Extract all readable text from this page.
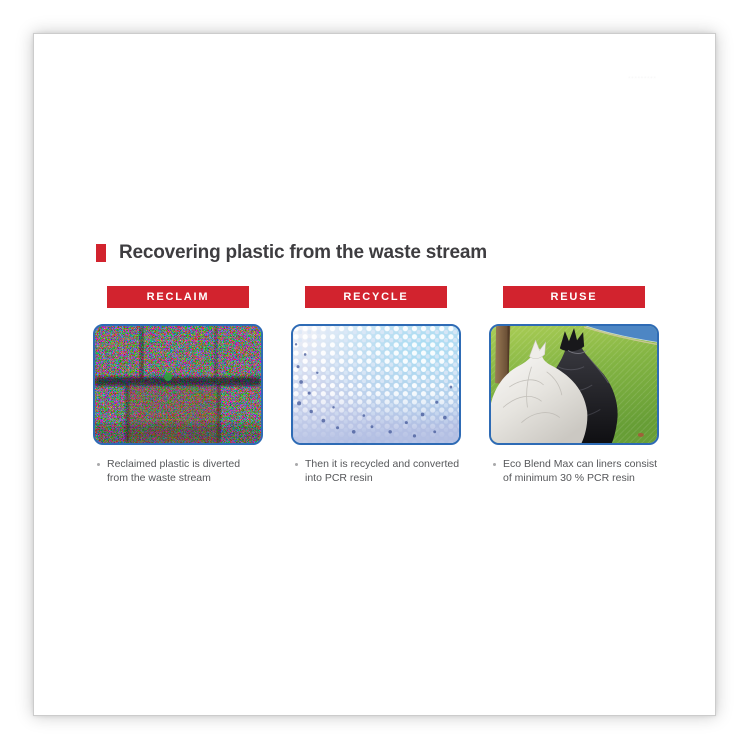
·········
Recovering plastic from the waste stream
RECLAIM
Reclaimed plastic is diverted
from the waste stream
RECYCLE
Then it is recycled and converted
into PCR resin
REUSE
Eco Blend Max can liners consist
of minimum 30 % PCR resin
